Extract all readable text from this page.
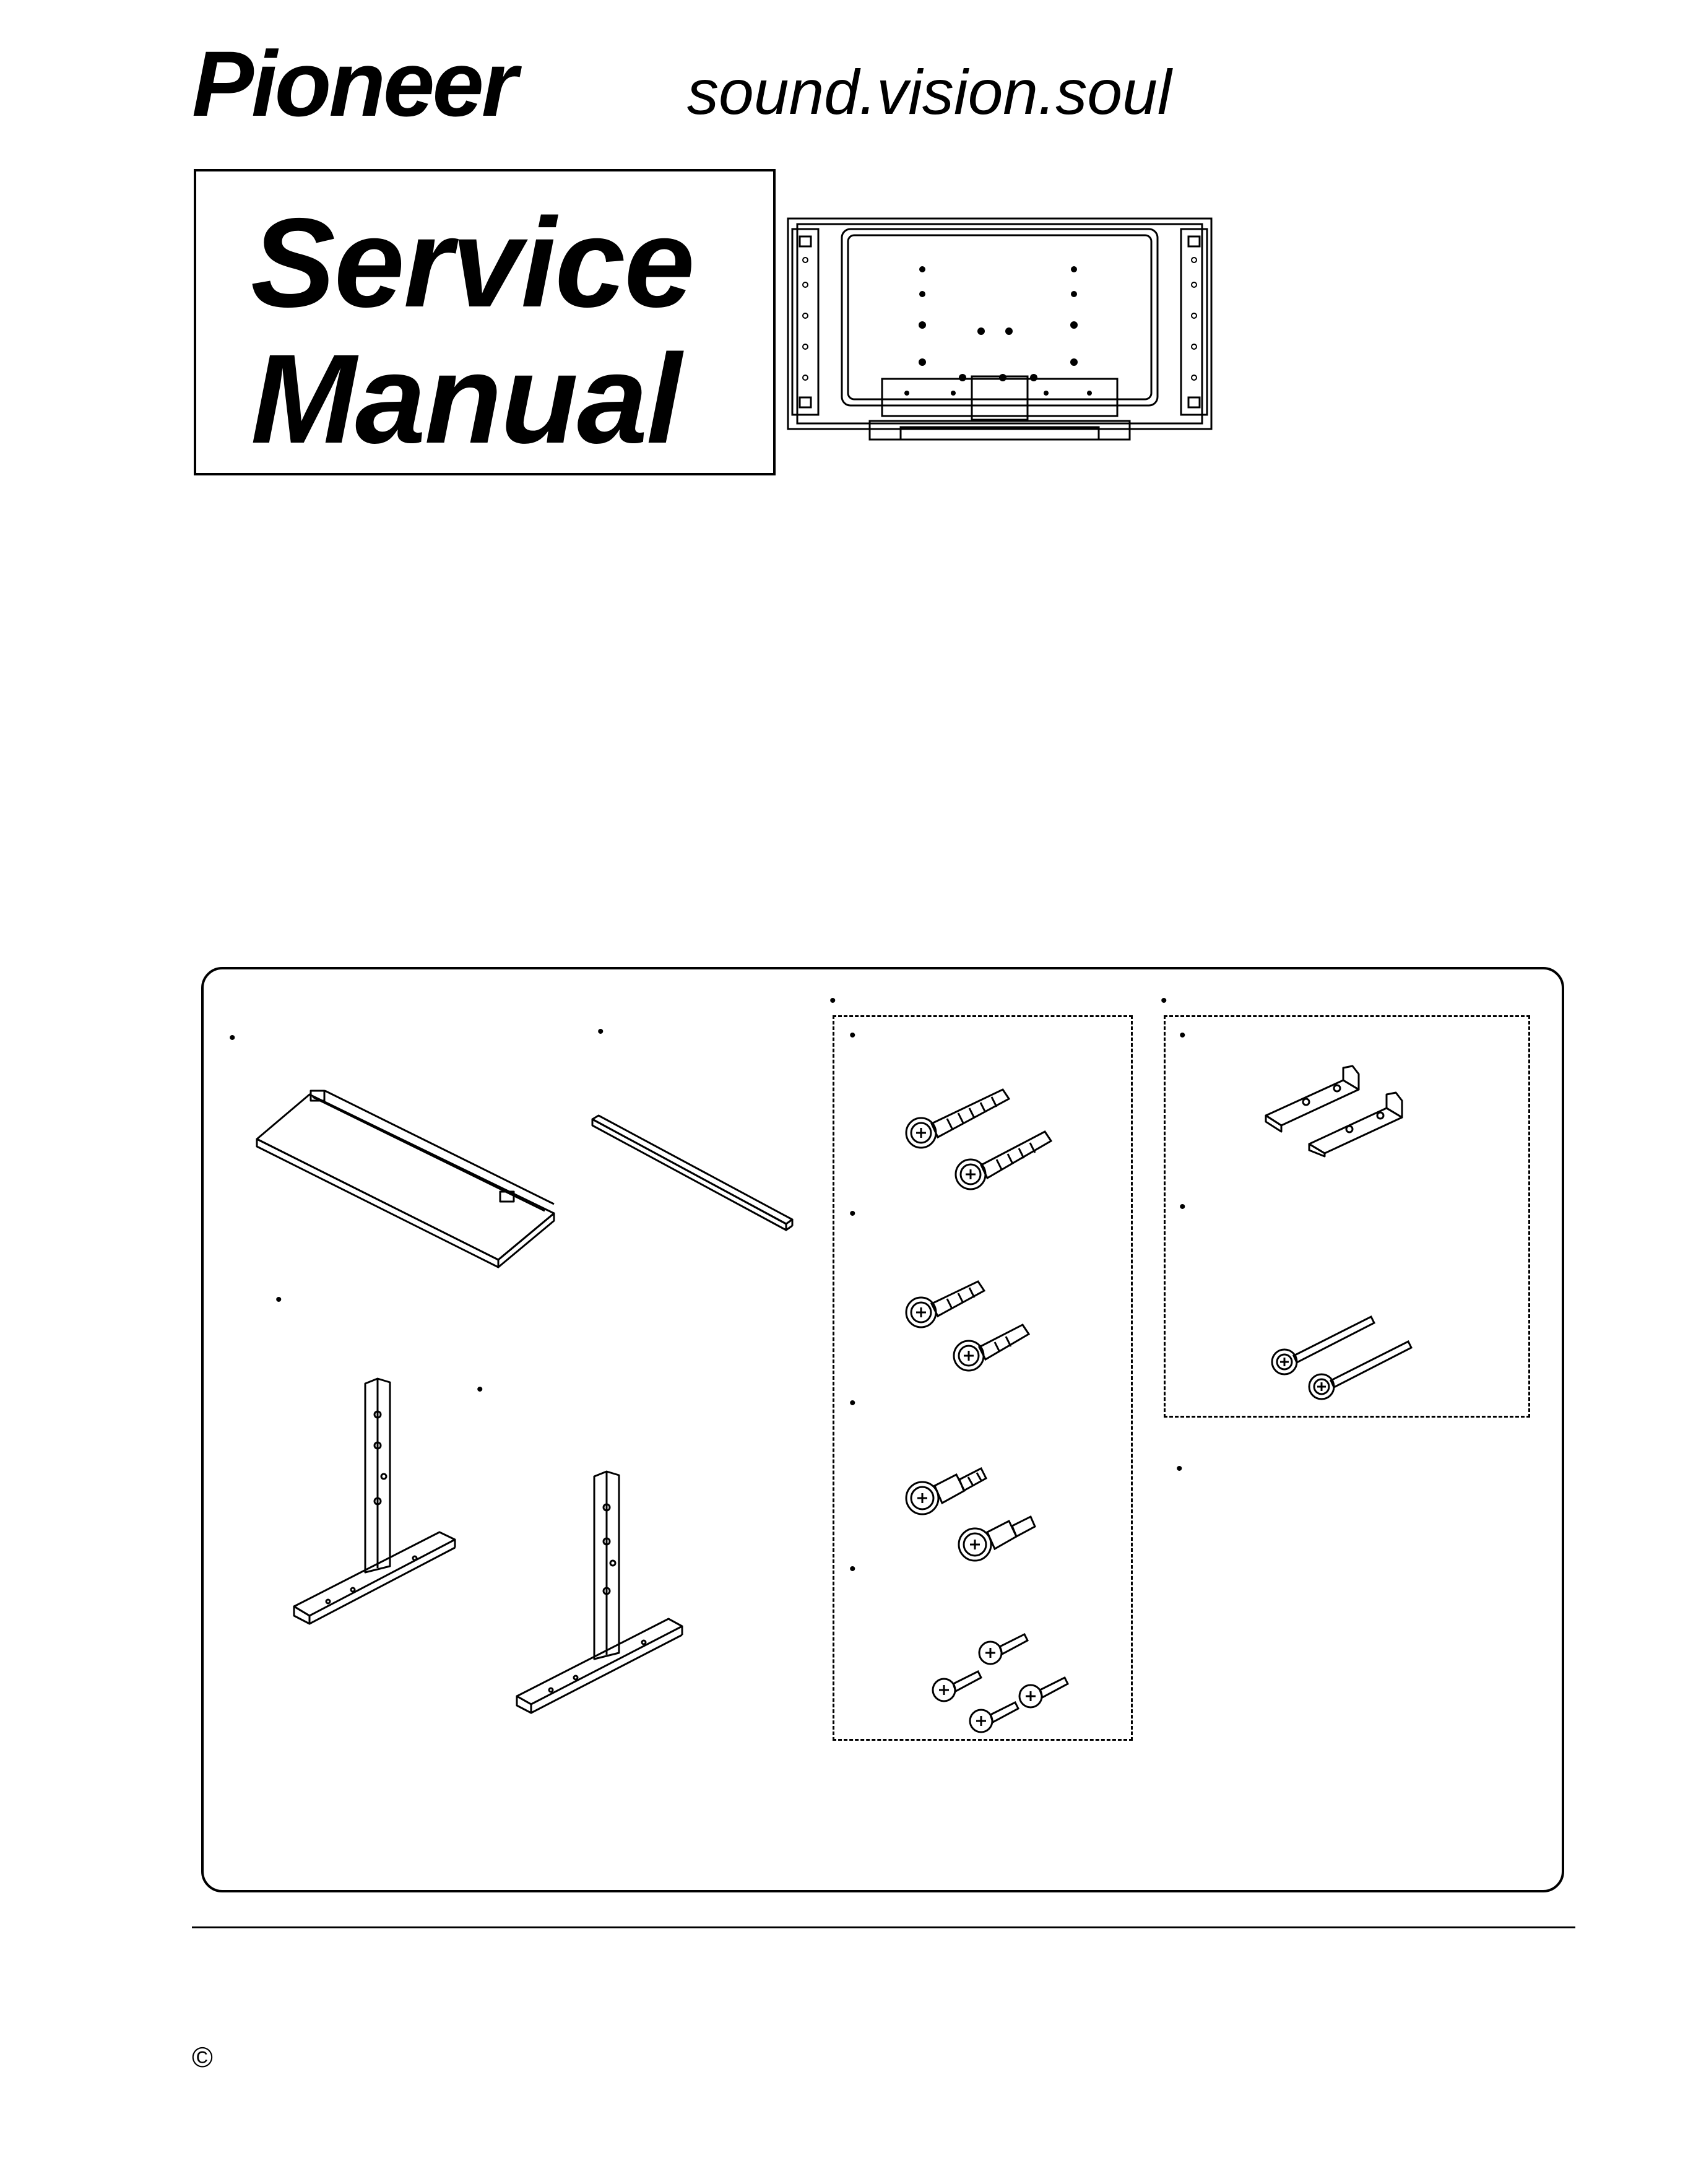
Pioneer	sound.vision.soul
Service
Manual
•	•
•
•
•	•
•
•
•
•
•
•
•
©
